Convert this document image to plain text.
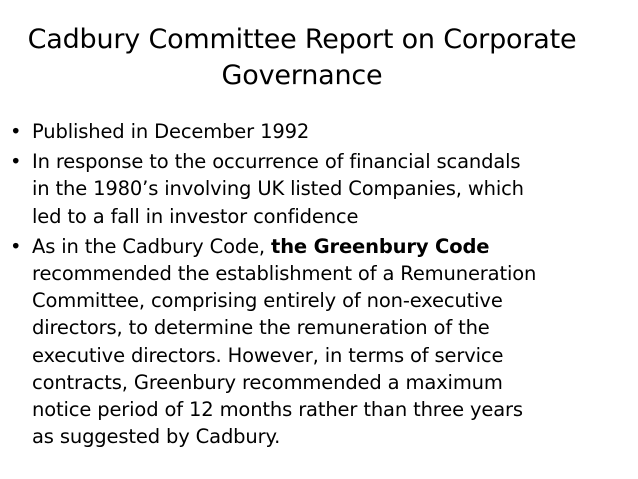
Cadbury Committee Report on Corporate
Governance
• Published in December 1992
• In response to the occurrence of financial scandals
in the 1980’s involving UK listed Companies, which
led to a fall in investor confidence
• As in the Cadbury Code, the Greenbury Code
recommended the establishment of a Remuneration
Committee, comprising entirely of non-executive
directors, to determine the remuneration of the
executive directors. However, in terms of service
contracts, Greenbury recommended a maximum
notice period of 12 months rather than three years
as suggested by Cadbury.
